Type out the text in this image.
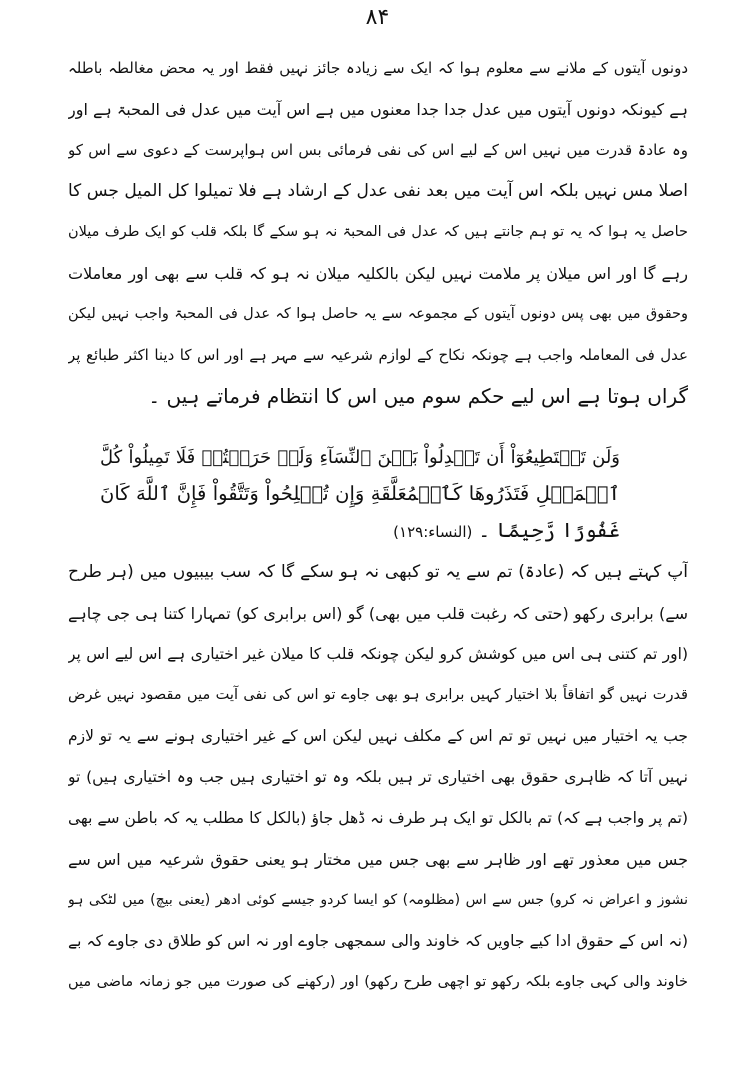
۸۴
دونوں آیتوں کے ملانے سے معلوم ہوا کہ ایک سے زیادہ جائز نہیں فقط اور یہ محض مغالطہ باطلہ
ہے کیونکہ دونوں آیتوں میں عدل جدا جدا معنوں میں ہے اس آیت میں عدل فی المحبۃ ہے اور
وہ عادۃ قدرت میں نہیں اس کے لیے اس کی نفی فرمائی بس اس ہواپرست کے دعوی سے اس کو
اصلا مس نہیں بلکہ اس آیت میں بعد نفی عدل کے ارشاد ہے فلا تمیلوا کل المیل جس کا
حاصل یہ ہوا کہ یہ تو ہم جانتے ہیں کہ عدل فی المحبۃ نہ ہو سکے گا بلکہ قلب کو ایک طرف میلان
رہے گا اور اس میلان پر ملامت نہیں لیکن بالکلیہ میلان نہ ہو کہ قلب سے بھی اور معاملات
وحقوق میں بھی پس دونوں آیتوں کے مجموعہ سے یہ حاصل ہوا کہ عدل فی المحبۃ واجب نہیں لیکن
عدل فی المعاملہ واجب ہے چونکہ نکاح کے لوازم شرعیہ سے مہر ہے اور اس کا دینا اکثر طبائع پر
گراں ہوتا ہے اس لیے حکم سوم میں اس کا انتظام فرماتے ہیں ۔
وَلَن تَسۡتَطِیعُوٓاْ أَن تَعۡدِلُواْ بَیۡنَ ٱلنِّسَآءِ وَلَوۡ حَرَصۡتُمۡ فَلَا تَمِیلُواْ كُلَّ
ٱلۡمَیۡلِ فَتَذَرُوهَا كَٱلۡمُعَلَّقَةِ وَإِن تُصۡلِحُواْ وَتَتَّقُواْ فَإِنَّ ٱللَّهَ كَانَ
غَفُورًا رَّحِیمًا ۔(النساء:۱۲۹)
آپ کہتے ہیں کہ (عادۃ) تم سے یہ تو کبھی نہ ہو سکے گا کہ سب بیبیوں میں (ہر طرح
سے) برابری رکھو (حتی کہ رغبت قلب میں بھی) گو (اس برابری کو) تمہارا کتنا ہی جی چاہے
(اور تم کتنی ہی اس میں کوشش کرو لیکن چونکہ قلب کا میلان غیر اختیاری ہے اس لیے اس پر
قدرت نہیں گو اتفاقاً بلا اختیار کہیں برابری ہو بھی جاوے تو اس کی نفی آیت میں مقصود نہیں غرض
جب یہ اختیار میں نہیں تو تم اس کے مکلف نہیں لیکن اس کے غیر اختیاری ہونے سے یہ تو لازم
نہیں آتا کہ ظاہری حقوق بھی اختیاری تر ہیں بلکہ وہ تو اختیاری ہیں جب وہ اختیاری ہیں) تو
(تم پر واجب ہے کہ) تم بالکل تو ایک ہر طرف نہ ڈھل جاؤ (بالکل کا مطلب یہ کہ باطن سے بھی
جس میں معذور تھے اور ظاہر سے بھی جس میں مختار ہو یعنی حقوق شرعیہ میں اس سے
نشوز و اعراض نہ کرو) جس سے اس (مظلومہ) کو ایسا کردو جیسے کوئی ادھر (یعنی بیچ) میں لٹکی ہو
(نہ اس کے حقوق ادا کیے جاویں کہ خاوند والی سمجھی جاوے اور نہ اس کو طلاق دی جاوے کہ بے
خاوند والی کہی جاوے بلکہ رکھو تو اچھی طرح رکھو) اور (رکھنے کی صورت میں جو زمانہ ماضی میں
